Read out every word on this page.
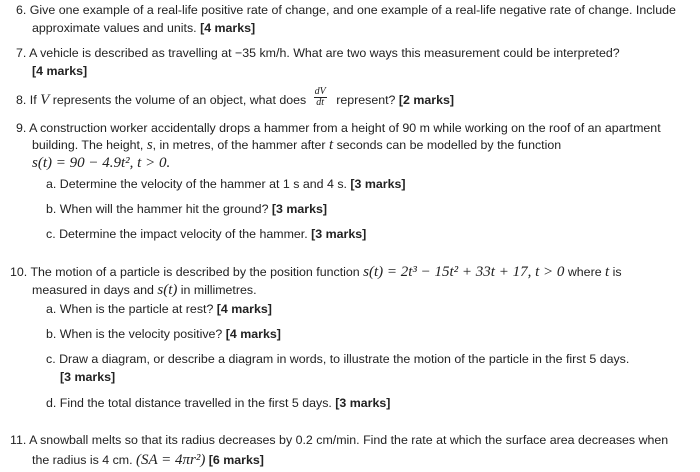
6. Give one example of a real-life positive rate of change, and one example of a real-life negative rate of change. Include
approximate values and units. [4 marks]
7. A vehicle is described as travelling at −35 km/h. What are two ways this measurement could be interpreted?
[4 marks]
8. If V represents the volume of an object, what does $\frac{dV}{dt}$ represent? [2 marks]
9. A construction worker accidentally drops a hammer from a height of 90 m while working on the roof of an apartment
building. The height, s, in metres, of the hammer after t seconds can be modelled by the function
s(t) = 90 − 4.9t², t > 0.
a. Determine the velocity of the hammer at 1 s and 4 s. [3 marks]
b. When will the hammer hit the ground? [3 marks]
c. Determine the impact velocity of the hammer. [3 marks]
10. The motion of a particle is described by the position function s(t) = 2t³ − 15t² + 33t + 17, t > 0 where t is
measured in days and s(t) in millimetres.
a. When is the particle at rest? [4 marks]
b. When is the velocity positive? [4 marks]
c. Draw a diagram, or describe a diagram in words, to illustrate the motion of the particle in the first 5 days.
[3 marks]
d. Find the total distance travelled in the first 5 days. [3 marks]
11. A snowball melts so that its radius decreases by 0.2 cm/min. Find the rate at which the surface area decreases when
the radius is 4 cm. (SA = 4πr²) [6 marks]
